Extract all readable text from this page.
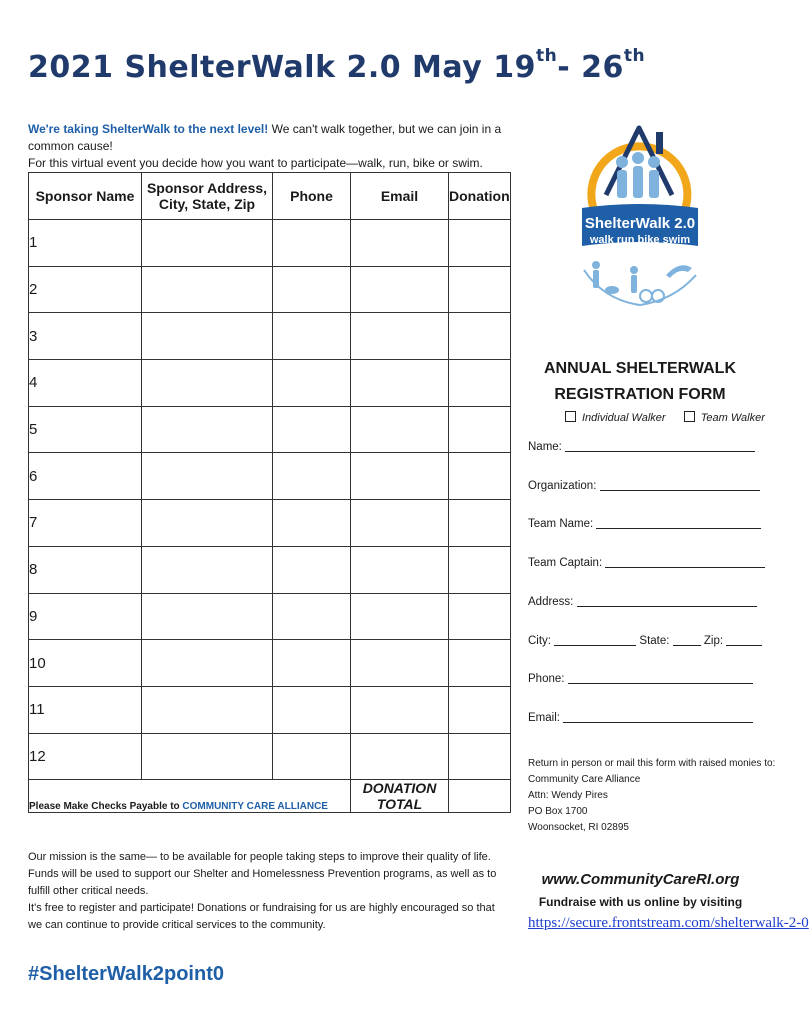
2021 ShelterWalk 2.0 May 19th- 26th
We're taking ShelterWalk to the next level! We can't walk together, but we can join in a common cause!
For this virtual event you decide how you want to participate—walk, run, bike or swim.
Sponsor Name	Sponsor Address, City, State, Zip	Phone	Email	Donation
1				
2				
3				
4				
5				
6				
7				
8				
9				
10				
11				
12				
Please Make Checks Payable to COMMUNITY CARE ALLIANCE			DONATION TOTAL	
ShelterWalk 2.0
walk run bike swim
ANNUAL SHELTERWALK
REGISTRATION FORM
Individual Walker	Team Walker
Name:
Organization:
Team Name:
Team Captain:
Address:
City:	State:	Zip:
Phone:
Email:
Return in person or mail this form with raised monies to:
Community Care Alliance
Attn: Wendy Pires
PO Box 1700
Woonsocket, RI 02895
www.CommunityCareRI.org
Fundraise with us online by visiting
https://secure.frontstream.com/shelterwalk-2-0
Our mission is the same— to be available for people taking steps to improve their quality of life. Funds will be used to support our Shelter and Homelessness Prevention programs, as well as to fulfill other critical needs.
It's free to register and participate! Donations or fundraising for us are highly encouraged so that we can continue to provide critical services to the community.
#ShelterWalk2point0
